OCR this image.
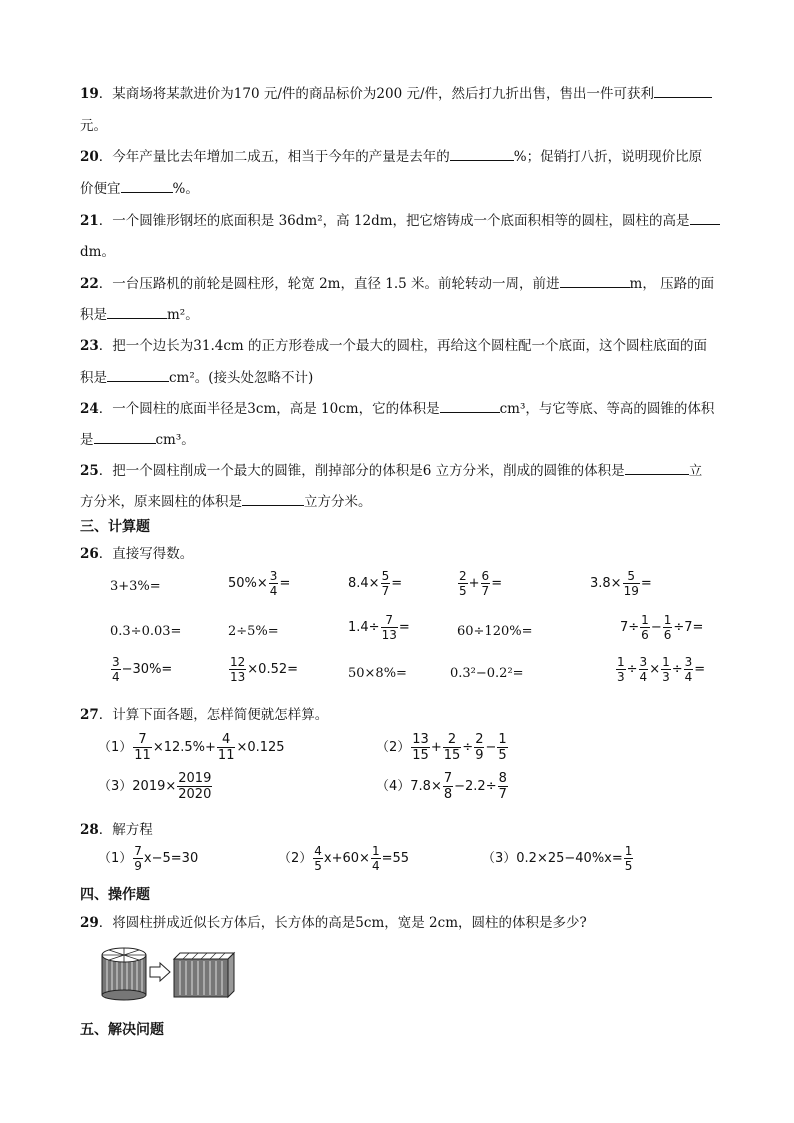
19．某商场将某款进价为170 元/件的商品标价为200 元/件，然后打九折出售，售出一件可获利
元。
20．今年产量比去年增加二成五，相当于今年的产量是去年的	%；促销打八折，说明现价比原
价便宜	%。
21．一个圆锥形钢坯的底面积是 36dm²，高 12dm，把它熔铸成一个底面积相等的圆柱，圆柱的高是
dm。
22．一台压路机的前轮是圆柱形，轮宽 2m，直径 1.5 米。前轮转动一周，前进	m， 压路的面
积是	m²。
23．把一个边长为31.4cm 的正方形卷成一个最大的圆柱，再给这个圆柱配一个底面，这个圆柱底面的面
积是	cm²。(接头处忽略不计)
24．一个圆柱的底面半径是3cm，高是 10cm，它的体积是	cm³，与它等底、等高的圆锥的体积
是	cm³。
25．把一个圆柱削成一个最大的圆锥，削掉部分的体积是6 立方分米，削成的圆锥的体积是	立
方分米，原来圆柱的体积是	立方分米。
三、计算题
26．直接写得数。
3+3%=	$50\%\times \frac{3}{4}$ =	$8.4\times \frac{5}{7}$ =	$\frac{2}{5} + \frac{6}{7}$ =	$3.8\times \frac{5}{19}$ =
0.3÷0.03=	2÷5%=	$1.4\div \frac{7}{13}$ =	60÷120%=	$7\div \frac{1}{6} - \frac{1}{6} \div 7=$
$\frac{3}{4} -30\%=$	$\frac{12}{13} \times 0.52=$	50×8%=	0.3²−0.2²=	$\frac{1}{3} \div \frac{3}{4} \times \frac{1}{3} \div \frac{3}{4}$ =
27．计算下面各题，怎样简便就怎样算。
$(1) \frac{7}{11} \times 12.5\%+ \frac{4}{11} \times 0.125$	$(2) \frac{13}{15} + \frac{2}{15} \div \frac{2}{9} - \frac{1}{5}$
$(3)2019\times \frac{2019}{2020}$	$(4)7.8\times \frac{7}{8} -2.2\div \frac{8}{7}$
28．解方程
$(1) \frac{7}{9} x-5=30$	$(2) \frac{4}{5} x+60\times \frac{1}{4} =55$	$(3)0.2\times 25-40\%x= \frac{1}{5}$
四、操作题
29．将圆柱拼成近似长方体后，长方体的高是5cm，宽是 2cm，圆柱的体积是多少?
五、解决问题
